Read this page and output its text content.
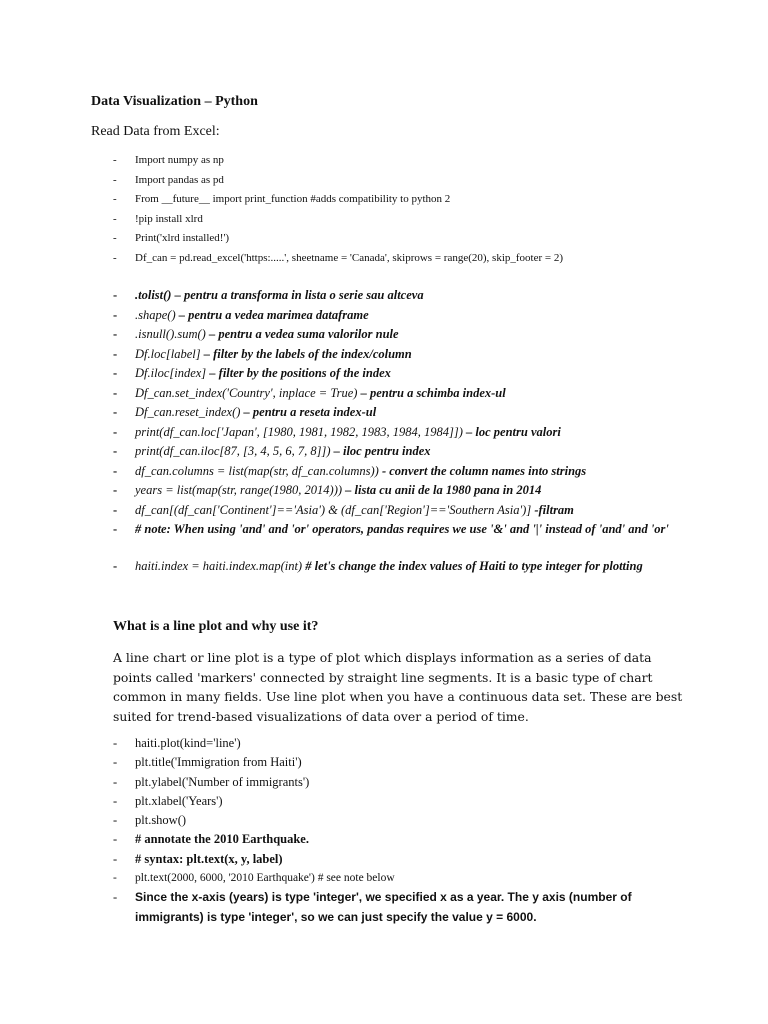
Data Visualization – Python
Read Data from Excel:
- Import numpy as np
- Import pandas as pd
- From __future__ import print_function #adds compatibility to python 2
- !pip install xlrd
- Print('xlrd installed!')
- Df_can = pd.read_excel('https:.....', sheetname = 'Canada', skiprows = range(20), skip_footer = 2)
- .tolist() – pentru a transforma in lista o serie sau altceva
- .shape() – pentru a vedea marimea dataframe
- .isnull().sum() – pentru a vedea suma valorilor nule
- Df.loc[label] – filter by the labels of the index/column
- Df.iloc[index] – filter by the positions of the index
- Df_can.set_index('Country', inplace = True) – pentru a schimba index-ul
- Df_can.reset_index() – pentru a reseta index-ul
- print(df_can.loc['Japan', [1980, 1981, 1982, 1983, 1984, 1984]]) – loc pentru valori
- print(df_can.iloc[87, [3, 4, 5, 6, 7, 8]]) – iloc pentru index
- df_can.columns = list(map(str, df_can.columns)) - convert the column names into strings
- years = list(map(str, range(1980, 2014))) – lista cu anii de la 1980 pana in 2014
- df_can[(df_can['Continent']=='Asia') & (df_can['Region']=='Southern Asia')] -filtram
- # note: When using 'and' and 'or' operators, pandas requires we use '&' and '|' instead of 'and' and 'or'
- haiti.index = haiti.index.map(int) # let's change the index values of Haiti to type integer for plotting
What is a line plot and why use it?
A line chart or line plot is a type of plot which displays information as a series of data points called 'markers' connected by straight line segments. It is a basic type of chart common in many fields. Use line plot when you have a continuous data set. These are best suited for trend-based visualizations of data over a period of time.
- haiti.plot(kind='line')
- plt.title('Immigration from Haiti')
- plt.ylabel('Number of immigrants')
- plt.xlabel('Years')
- plt.show()
- # annotate the 2010 Earthquake.
- # syntax: plt.text(x, y, label)
- plt.text(2000, 6000, '2010 Earthquake') # see note below
- Since the x-axis (years) is type 'integer', we specified x as a year. The y axis (number of immigrants) is type 'integer', so we can just specify the value y = 6000.
